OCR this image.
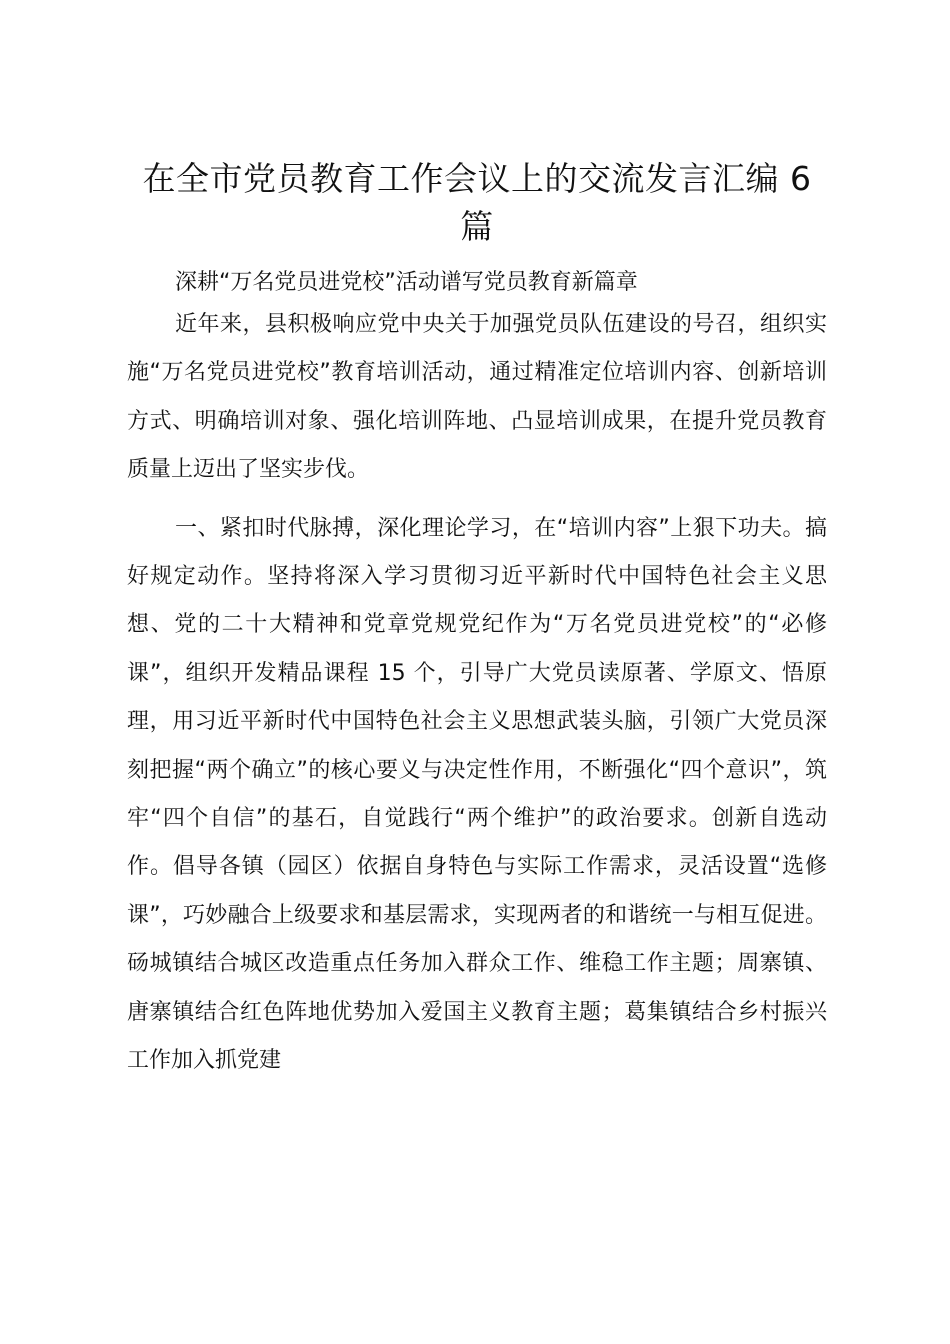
在全市党员教育工作会议上的交流发言汇编 6 篇

深耕“万名党员进党校”活动谱写党员教育新篇章

近年来，县积极响应党中央关于加强党员队伍建设的号召，组织实施“万名党员进党校”教育培训活动，通过精准定位培训内容、创新培训方式、明确培训对象、强化培训阵地、凸显培训成果，在提升党员教育质量上迈出了坚实步伐。

一、紧扣时代脉搏，深化理论学习，在“培训内容”上狠下功夫。搞好规定动作。坚持将深入学习贯彻习近平新时代中国特色社会主义思想、党的二十大精神和党章党规党纪作为“万名党员进党校”的“必修课”，组织开发精品课程 15 个，引导广大党员读原著、学原文、悟原理，用习近平新时代中国特色社会主义思想武装头脑，引领广大党员深刻把握“两个确立”的核心要义与决定性作用，不断强化“四个意识”，筑牢“四个自信”的基石，自觉践行“两个维护”的政治要求。创新自选动作。倡导各镇（园区）依据自身特色与实际工作需求，灵活设置“选修课”，巧妙融合上级要求和基层需求，实现两者的和谐统一与相互促进。砀城镇结合城区改造重点任务加入群众工作、维稳工作主题；周寨镇、唐寨镇结合红色阵地优势加入爱国主义教育主题；葛集镇结合乡村振兴工作加入抓党建
